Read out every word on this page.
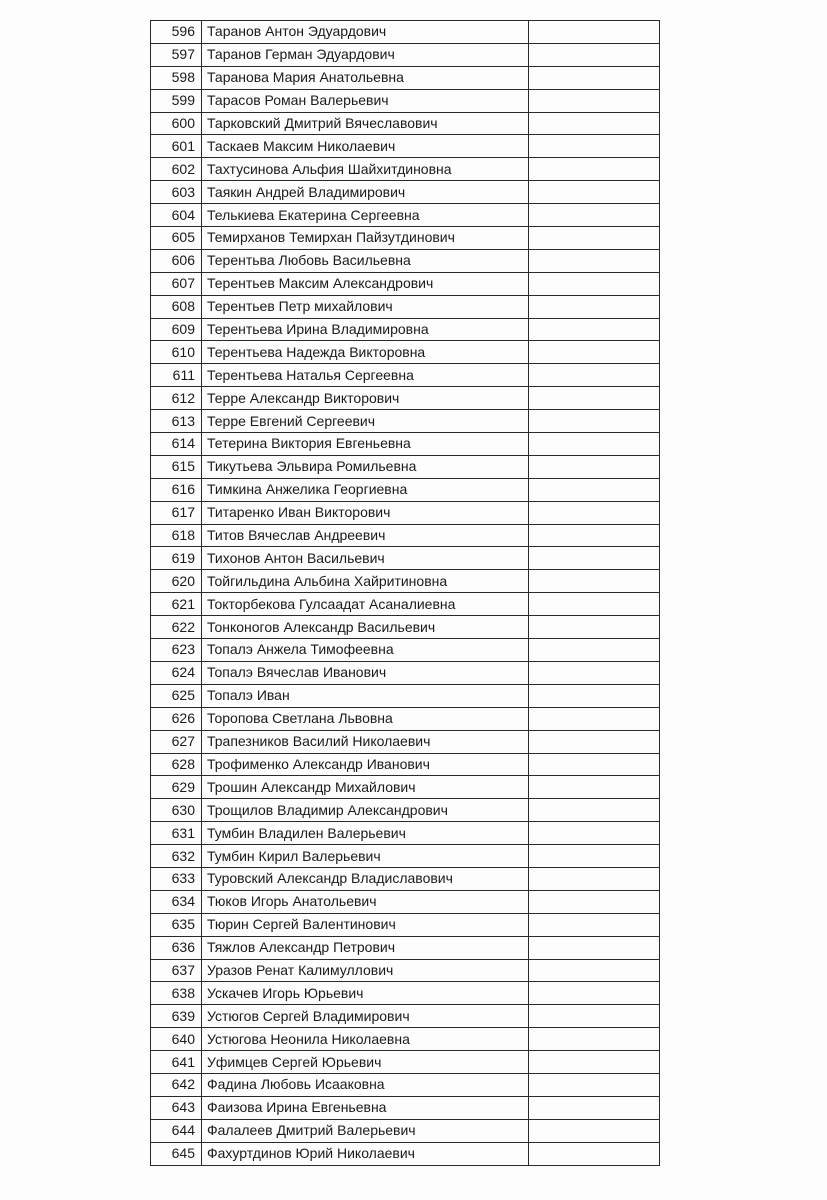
596	Таранов Антон Эдуардович	
597	Таранов Герман Эдуардович	
598	Таранова Мария Анатольевна	
599	Тарасов Роман Валерьевич	
600	Тарковский Дмитрий Вячеславович	
601	Таскаев Максим Николаевич	
602	Тахтусинова Альфия Шайхитдиновна	
603	Таякин Андрей Владимирович	
604	Телькиева Екатерина Сергеевна	
605	Темирханов Темирхан Пайзутдинович	
606	Терентьва Любовь Васильевна	
607	Терентьев Максим Александрович	
608	Терентьев Петр михайлович	
609	Терентьева Ирина Владимировна	
610	Терентьева Надежда Викторовна	
611	Терентьева Наталья Сергеевна	
612	Терре Александр Викторович	
613	Терре Евгений Сергеевич	
614	Тетерина Виктория Евгеньевна	
615	Тикутьева Эльвира Ромильевна	
616	Тимкина Анжелика Георгиевна	
617	Титаренко Иван Викторович	
618	Титов Вячеслав Андреевич	
619	Тихонов Антон Васильевич	
620	Тойгильдина Альбина Хайритиновна	
621	Токторбекова Гулсаадат Асаналиевна	
622	Тонконогов Александр Васильевич	
623	Топалэ Анжела Тимофеевна	
624	Топалэ Вячеслав Иванович	
625	Топалэ Иван	
626	Торопова Светлана Львовна	
627	Трапезников Василий Николаевич	
628	Трофименко Александр Иванович	
629	Трошин Александр Михайлович	
630	Трощилов Владимир Александрович	
631	Тумбин Владилен Валерьевич	
632	Тумбин Кирил Валерьевич	
633	Туровский Александр Владиславович	
634	Тюков Игорь Анатольевич	
635	Тюрин Сергей Валентинович	
636	Тяжлов Александр Петрович	
637	Уразов Ренат Калимуллович	
638	Ускачев Игорь Юрьевич	
639	Устюгов Сергей Владимирович	
640	Устюгова Неонила Николаевна	
641	Уфимцев Сергей Юрьевич	
642	Фадина Любовь Исааковна	
643	Фаизова Ирина Евгеньевна	
644	Фалалеев Дмитрий Валерьевич	
645	Фахуртдинов Юрий Николаевич	
